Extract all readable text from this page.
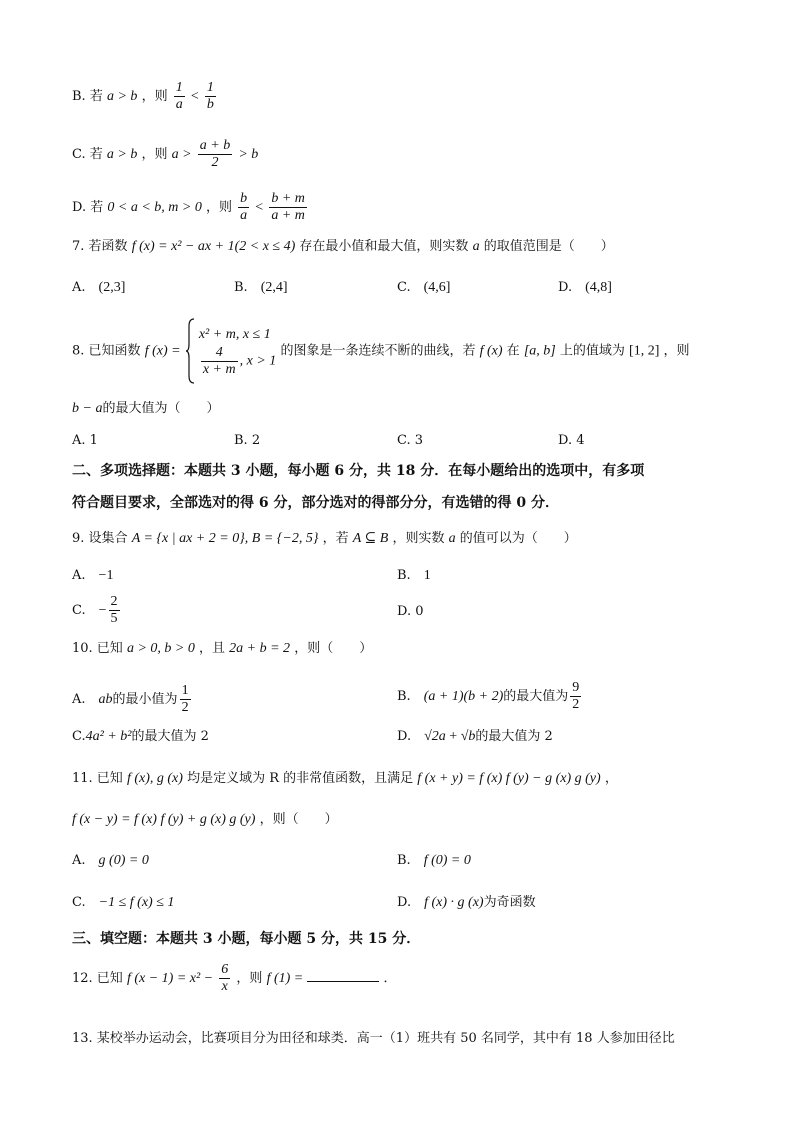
B. 若 a > b ，则 $\frac{1}{a} < \frac{1}{b}$
C. 若 a > b ，则 $a > \frac{a + b}{2} > b$
D. 若 0 < a < b, m > 0 ，则 $\frac{b}{a} < \frac{b + m}{a + m}$
7. 若函数 f (x) = x² − ax + 1(2 < x ≤ 4) 存在最小值和最大值，则实数 a 的取值范围是（　　）
A.　 (2,3]	B.　 (2,4]	C.　 (4,6]	D.　 (4,8]
8. 已知函数 f (x) =
x² + m, x ≤ 1
$\frac{4}{x + m}$ , x > 1
的图象是一条连续不断的曲线，若 f (x) 在 [a, b] 上的值域为 [1, 2] ，则
b − a的最大值为（　　）
A. 1	B. 2	C. 3	D. 4
二、多项选择题：本题共 3 小题，每小题 6 分，共 18 分．在每小题给出的选项中，有多项
符合题目要求，全部选对的得 6 分，部分选对的得部分分，有选错的得 0 分．
9. 设集合 A = {x | ax + 2 = 0}, B = {−2, 5} ，若 A ⊆ B ，则实数 a 的值可以为（　　）
A.　 −1	B.　 1
C.　 − $\frac{2}{5}$	D. 0
10. 已知 a > 0, b > 0 ，且 2a + b = 2 ，则（　　）
A.　 ab的最小值为 $\frac{1}{2}$	B.　 (a + 1)(b + 2)的最大值为 $\frac{9}{2}$
C.4a² + b²的最大值为 2	D.　 √2a + √b的最大值为 2
11. 已知 f (x), g (x) 均是定义域为 R 的非常值函数，且满足 f (x + y) = f (x) f (y) − g (x) g (y) ，
f (x − y) = f (x) f (y) + g (x) g (y) ，则（　　）
A.　 g (0) = 0	B.　 f (0) = 0
C.　 −1 ≤ f (x) ≤ 1	D.　 f (x) · g (x)为奇函数
三、填空题：本题共 3 小题，每小题 5 分，共 15 分．
12. 已知 f $(x - 1) = x^2 - \frac{6}{x}$ ，则 f (1) =	．
13. 某校举办运动会，比赛项目分为田径和球类．高一（1）班共有 50 名同学，其中有 18 人参加田径比
